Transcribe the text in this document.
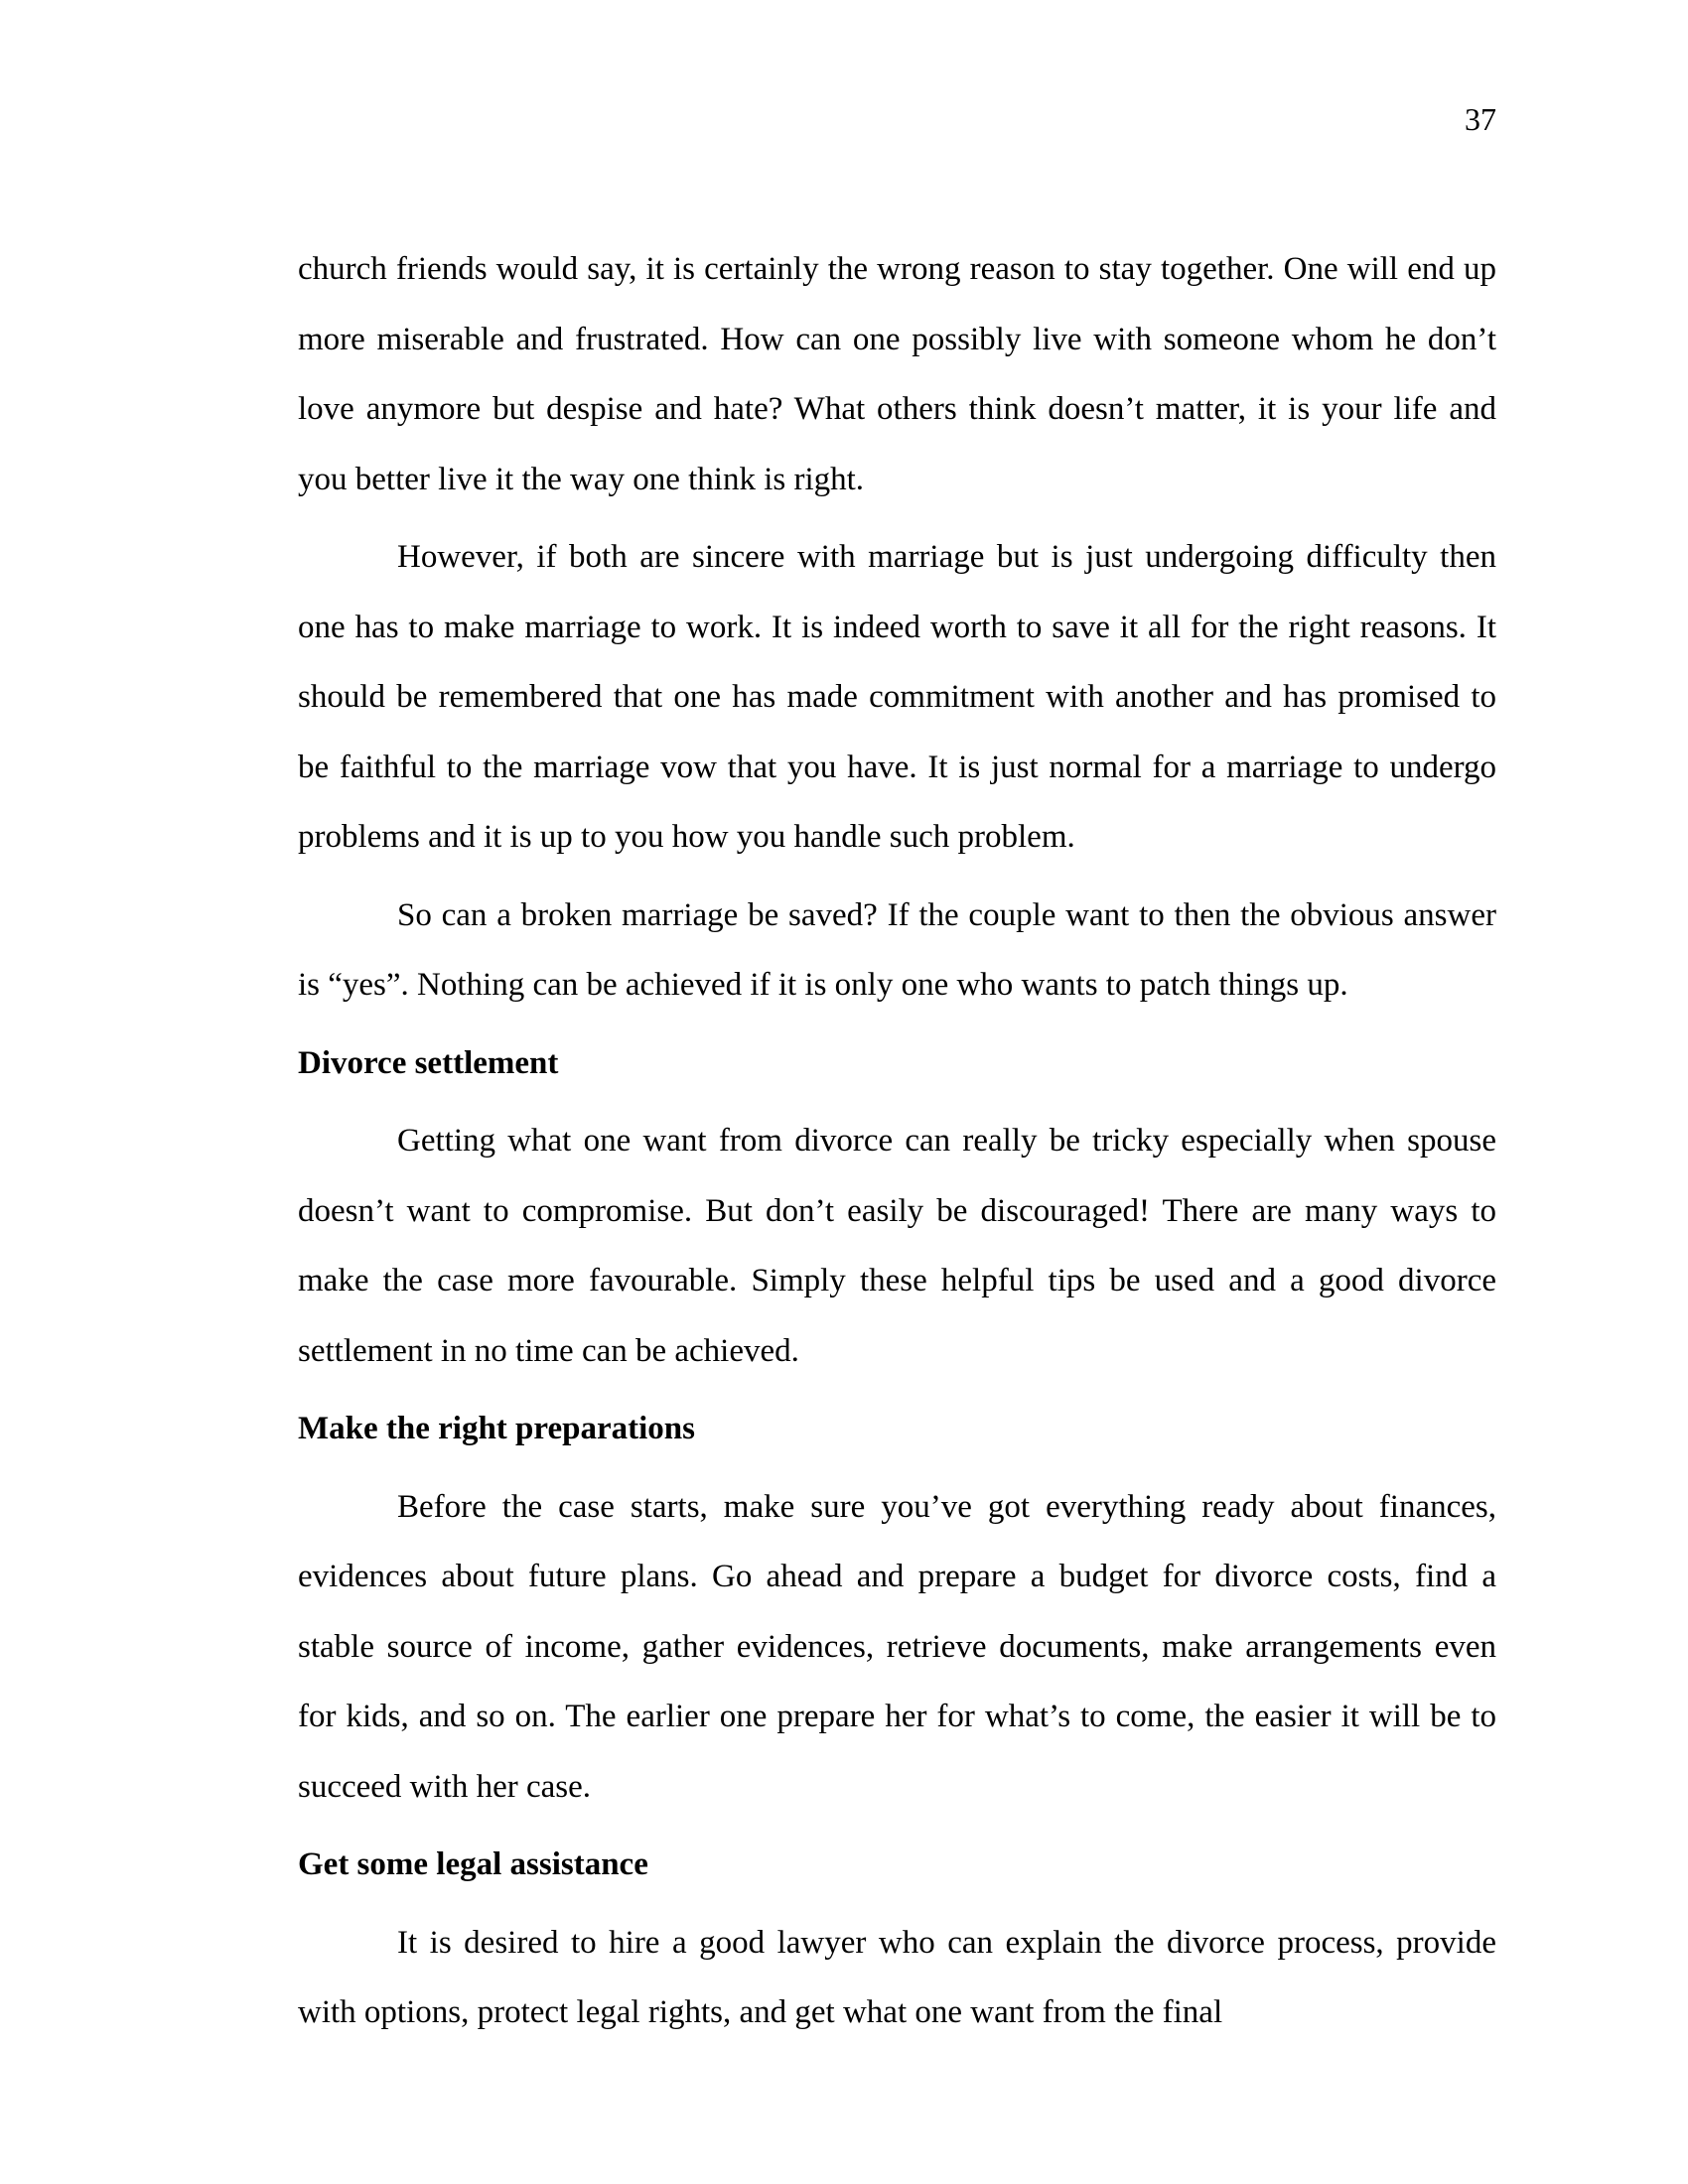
37

church friends would say, it is certainly the wrong reason to stay together. One will end up more miserable and frustrated. How can one possibly live with someone whom he don’t love anymore but despise and hate? What others think doesn’t matter, it is your life and you better live it the way one think is right.

However, if both are sincere with marriage but is just undergoing difficulty then one has to make marriage to work. It is indeed worth to save it all for the right reasons. It should be remembered that one has made commitment with another and has promised to be faithful to the marriage vow that you have. It is just normal for a marriage to undergo problems and it is up to you how you handle such problem.

So can a broken marriage be saved? If the couple want to then the obvious answer is “yes”. Nothing can be achieved if it is only one who wants to patch things up.

Divorce settlement

Getting what one want from divorce can really be tricky especially when spouse doesn’t want to compromise. But don’t easily be discouraged! There are many ways to make the case more favourable. Simply these helpful tips be used and a good divorce settlement in no time can be achieved.

Make the right preparations

Before the case starts, make sure you’ve got everything ready about finances, evidences about future plans. Go ahead and prepare a budget for divorce costs, find a stable source of income, gather evidences, retrieve documents, make arrangements even for kids, and so on. The earlier one prepare her for what’s to come, the easier it will be to succeed with her case.

Get some legal assistance

It is desired to hire a good lawyer who can explain the divorce process, provide with options, protect legal rights, and get what one want from the final
